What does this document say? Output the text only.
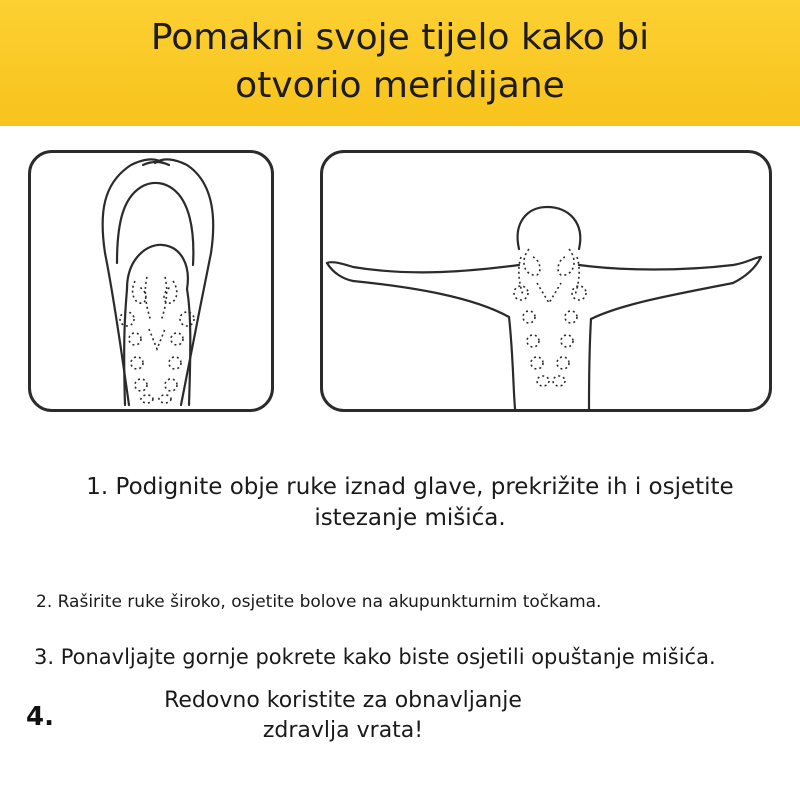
Pomakni svoje tijelo kako bi
otvorio meridijane

1. Podignite obje ruke iznad glave, prekrižite ih i osjetite
istezanje mišića.

2. Raširite ruke široko, osjetite bolove na akupunkturnim točkama.

3. Ponavljajte gornje pokrete kako biste osjetili opuštanje mišića.

4.

Redovno koristite za obnavljanje
zdravlja vrata!
